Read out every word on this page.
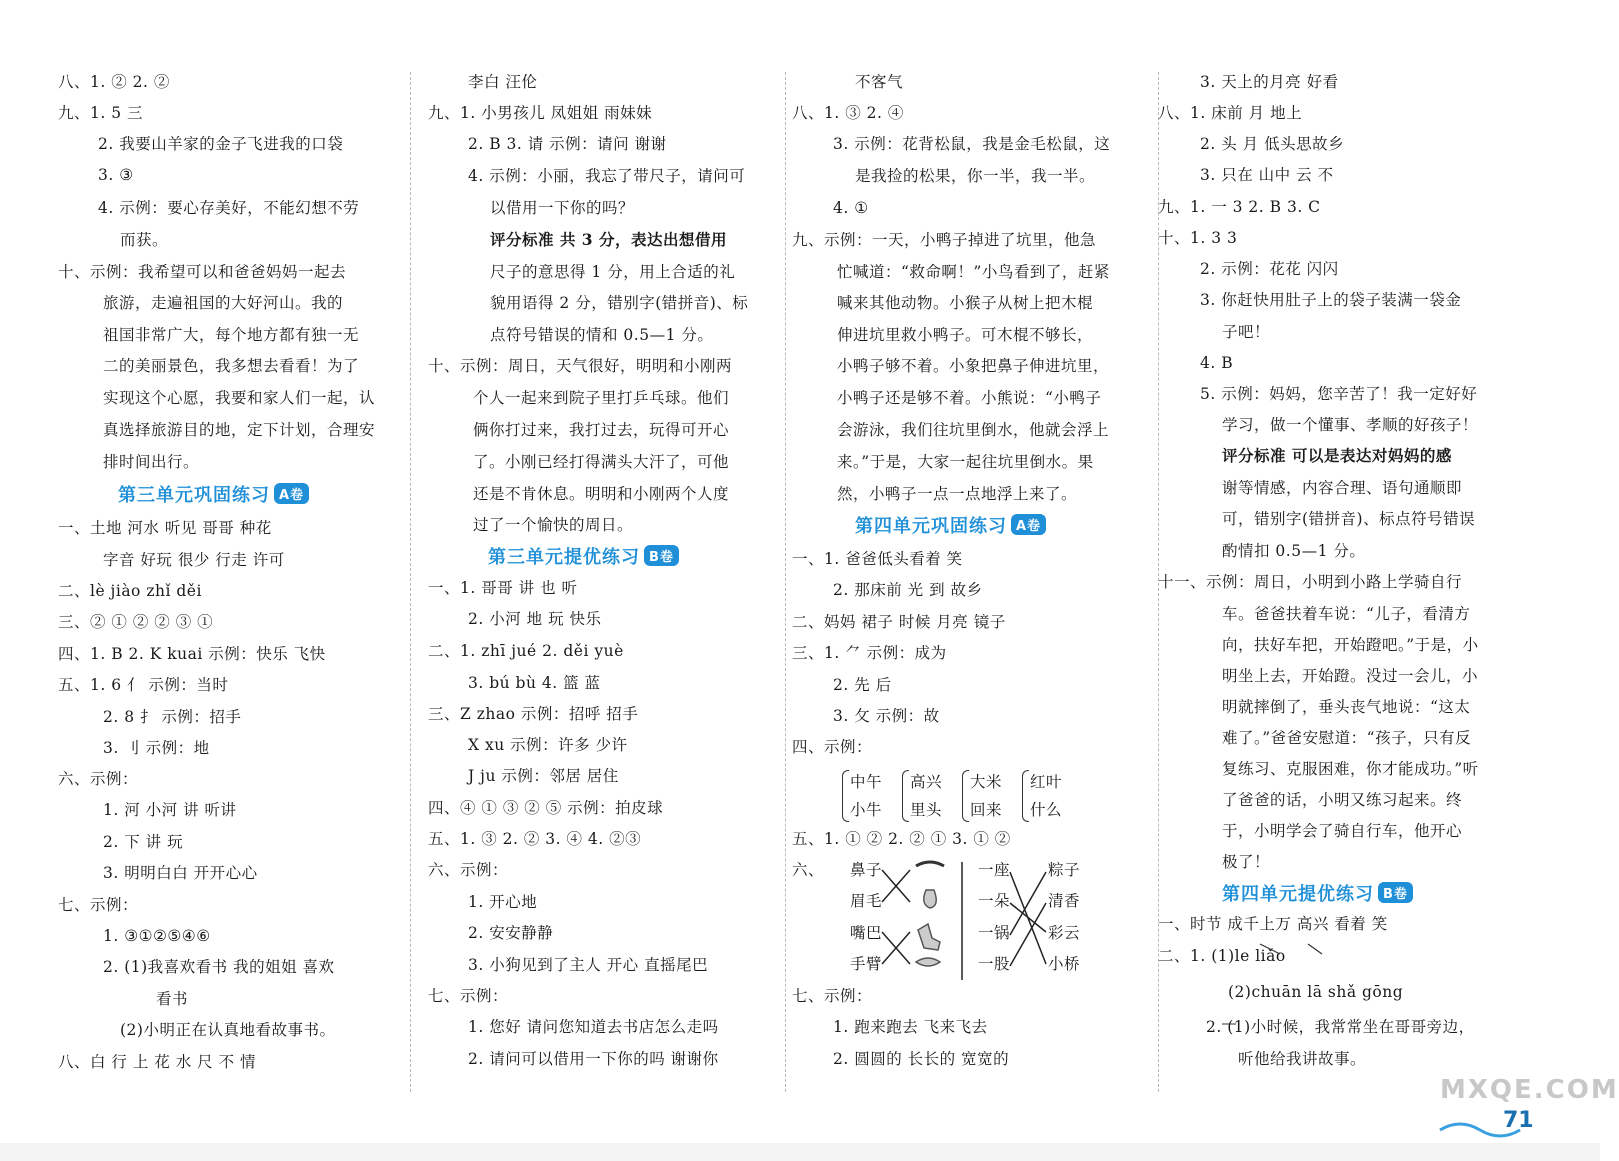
八、1. ② 2. ②
九、1. 5 三
2. 我要山羊家的金子飞进我的口袋
3. ③
4. 示例：要心存美好，不能幻想不劳
而获。
十、示例：我希望可以和爸爸妈妈一起去
旅游，走遍祖国的大好河山。我的
祖国非常广大，每个地方都有独一无
二的美丽景色，我多想去看看！为了
实现这个心愿，我要和家人们一起，认
真选择旅游目的地，定下计划，合理安
排时间出行。
一、土地 河水 听见 哥哥 种花
字音 好玩 很少 行走 许可
二、lè jiào zhǐ děi
三、② ① ② ② ③ ①
四、1. B 2. K kuai 示例：快乐 飞快
五、1. 6 ⺅ 示例：当时
2. 8 扌 示例：招手
3. ⺉ 示例：地
六、示例：
1. 河 小河 讲 听讲
2. 下 讲 玩
3. 明明白白 开开心心
七、示例：
1. ③①②⑤④⑥
2. (1)我喜欢看书 我的姐姐 喜欢
看书
(2)小明正在认真地看故事书。
八、白 行 上 花 水 尺 不 情
第三单元巩固练习 A卷
李白 汪伦
九、1. 小男孩儿 凤姐姐 雨妹妹
2. B 3. 请 示例：请问 谢谢
4. 示例：小丽，我忘了带尺子，请问可
以借用一下你的吗？
评分标准 共 3 分，表达出想借用
尺子的意思得 1 分，用上合适的礼
貌用语得 2 分，错别字(错拼音)、标
点符号错误的情和 0.5—1 分。
十、示例：周日，天气很好，明明和小刚两
个人一起来到院子里打乒乓球。他们
俩你打过来，我打过去，玩得可开心
了。小刚已经打得满头大汗了，可他
还是不肯休息。明明和小刚两个人度
过了一个愉快的周日。
一、1. 哥哥 讲 也 听
2. 小河 地 玩 快乐
二、1. zhī jué 2. děi yuè
3. bú bù 4. 篮 蓝
三、Z zhao 示例：招呼 招手
X xu 示例：许多 少许
J ju 示例：邻居 居住
四、④ ① ③ ② ⑤ 示例：拍皮球
五、1. ③ 2. ② 3. ④ 4. ②③
六、示例：
1. 开心地
2. 安安静静
3. 小狗见到了主人 开心 直摇尾巴
七、示例：
1. 您好 请问您知道去书店怎么走吗
2. 请问可以借用一下你的吗 谢谢你
第三单元提优练习 B卷
不客气
八、1. ③ 2. ④
3. 示例：花背松鼠，我是金毛松鼠，这
是我捡的松果，你一半，我一半。
4. ①
九、示例：一天，小鸭子掉进了坑里，他急
忙喊道：“救命啊！”小鸟看到了，赶紧
喊来其他动物。小猴子从树上把木棍
伸进坑里救小鸭子。可木棍不够长，
小鸭子够不着。小象把鼻子伸进坑里，
小鸭子还是够不着。小熊说：“小鸭子
会游泳，我们往坑里倒水，他就会浮上
来。”于是，大家一起往坑里倒水。果
然，小鸭子一点一点地浮上来了。
一、1. 爸爸低头看着 笑
2. 那床前 光 到 故乡
二、妈妈 裙子 时候 月亮 镜子
三、1. ⺈ 示例：成为
2. 先 后
3. 攵 示例：故
四、示例：
五、1. ① ② 2. ② ① 3. ① ②
六、
七、示例：
1. 跑来跑去 飞来飞去
2. 圆圆的 长长的 宽宽的
第四单元巩固练习 A卷
3. 天上的月亮 好看
八、1. 床前 月 地上
2. 头 月 低头思故乡
3. 只在 山中 云 不
九、1. 一 3 2. B 3. C
十、1. 3 3
2. 示例：花花 闪闪
3. 你赶快用肚子上的袋子装满一袋金
子吧！
4. B
5. 示例：妈妈，您辛苦了！我一定好好
学习，做一个懂事、孝顺的好孩子！
评分标准 可以是表达对妈妈的感
谢等情感，内容合理、语句通顺即
可，错别字(错拼音)、标点符号错误
酌情扣 0.5—1 分。
十一、示例：周日，小明到小路上学骑自行
车。爸爸扶着车说：“儿子，看清方
向，扶好车把，开始蹬吧。”于是，小
明坐上去，开始蹬。没过一会儿，小
明就摔倒了，垂头丧气地说：“这太
难了。”爸爸安慰道：“孩子，只有反
复练习、克服困难，你才能成功。”听
了爸爸的话，小明又练习起来。终
于，小明学会了骑自行车，他开心
极了！
一、时节 成千上万 高兴 看着 笑
二、1. (1)le liǎo
(2)chuān lā shǎ gōng
2. (1)小时候，我常常坐在哥哥旁边，
听他给我讲故事。
第四单元提优练习 B卷
中午
小牛
高兴
里头
大米
回来
红叶
什么
鼻子
眉毛
嘴巴
手臂
一座
一朵
一锅
一股
粽子
清香
彩云
小桥
MXQE.COM
71
